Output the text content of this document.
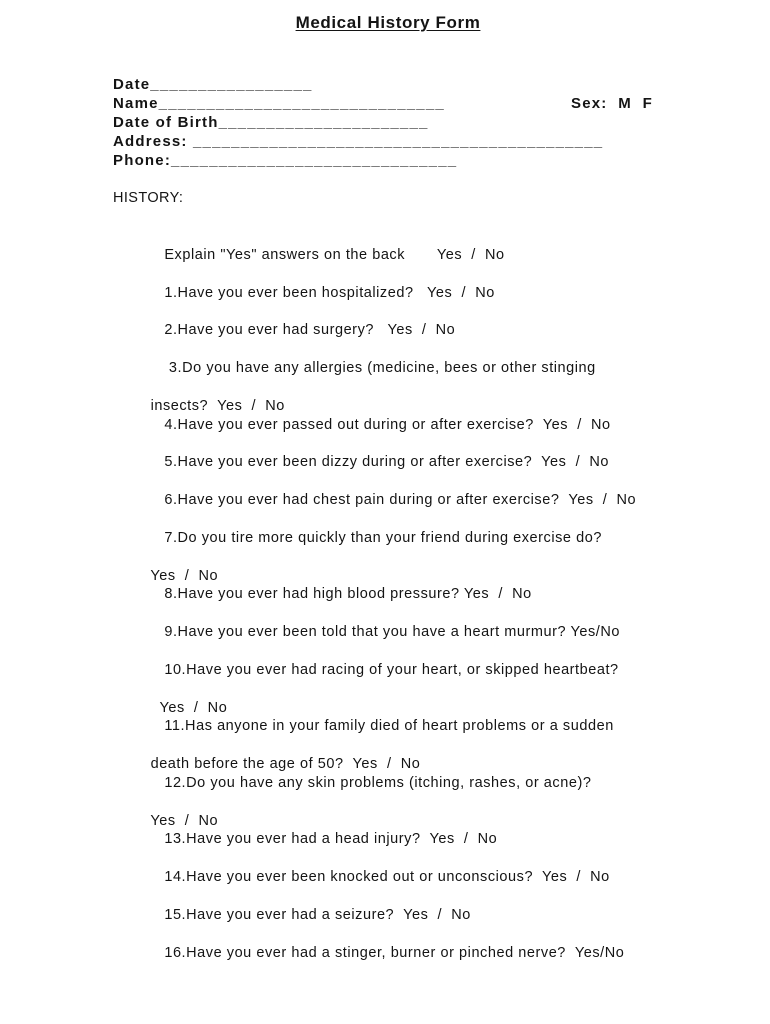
Medical History Form
Date_________________
Name______________________________	Sex:  M  F
Date of Birth______________________
Address: ___________________________________________
Phone:______________________________
HISTORY:

Explain "Yes" answers on the back       Yes  /  No

1.Have you ever been hospitalized?   Yes  /  No

2.Have you ever had surgery?   Yes  /  No

3.Do you have any allergies (medicine, bees or other stinging

insects?  Yes  /  No

4.Have you ever passed out during or after exercise?  Yes  /  No

5.Have you ever been dizzy during or after exercise?  Yes  /  No

6.Have you ever had chest pain during or after exercise?  Yes  /  No

7.Do you tire more quickly than your friend during exercise do?

Yes  /  No

8.Have you ever had high blood pressure? Yes  /  No

9.Have you ever been told that you have a heart murmur? Yes/No

10.Have you ever had racing of your heart, or skipped heartbeat?

Yes  /  No

11.Has anyone in your family died of heart problems or a sudden

death before the age of 50?  Yes  /  No

12.Do you have any skin problems (itching, rashes, or acne)?

Yes  /  No

13.Have you ever had a head injury?  Yes  /  No

14.Have you ever been knocked out or unconscious?  Yes  /  No

15.Have you ever had a seizure?  Yes  /  No

16.Have you ever had a stinger, burner or pinched nerve?  Yes/No
